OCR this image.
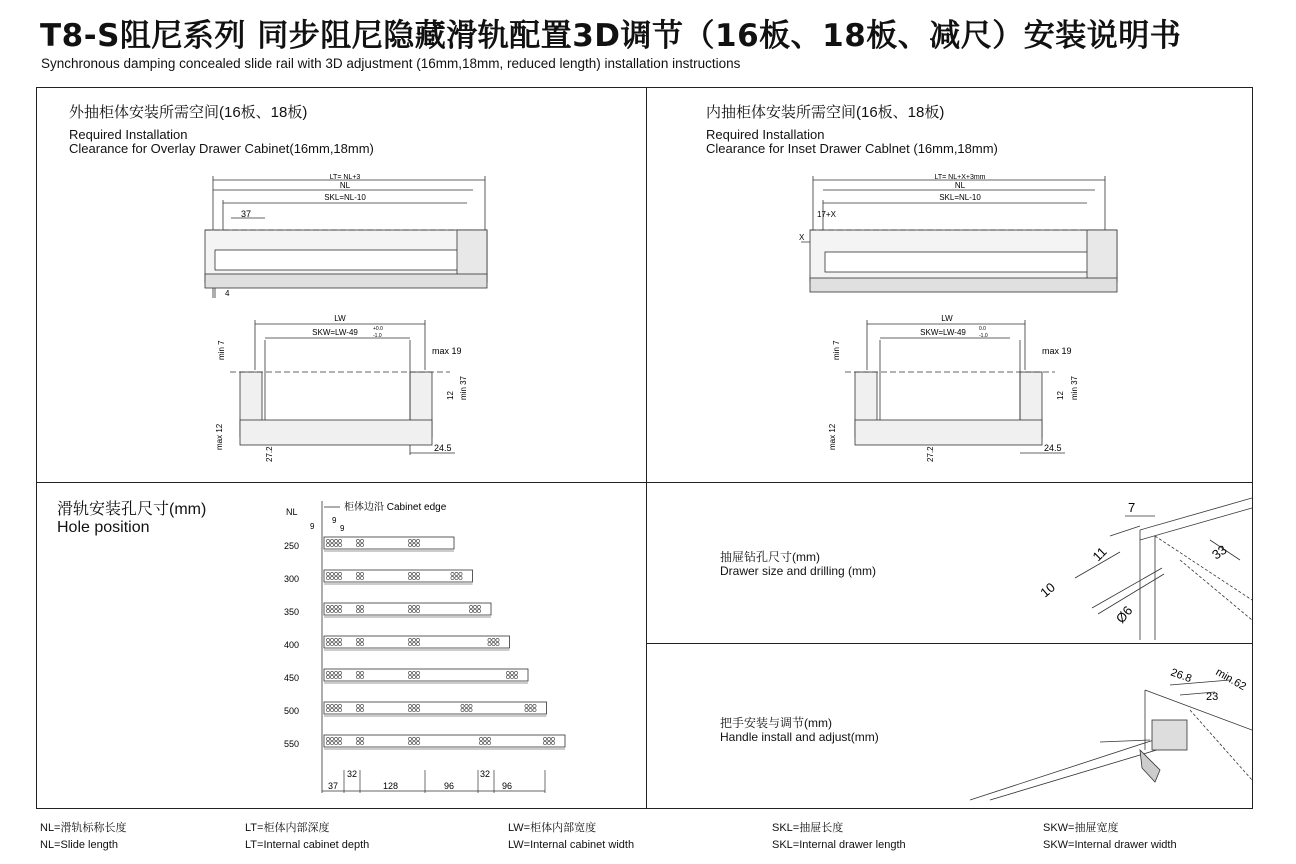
T8-S阻尼系列 同步阻尼隐藏滑轨配置3D调节（16板、18板、减尺）安装说明书
Synchronous damping concealed slide rail with 3D adjustment (16mm,18mm, reduced length) installation instructions
外抽柜体安装所需空间(16板、18板)
Required Installation
Clearance for Overlay Drawer Cabinet(16mm,18mm)
LT= NL+3
NL
SKL=NL-10
37
4
LW
SKW=LW-49	+0.0
-1.0
min 7	max 19
12 min 37
max 12
27.2	24.5
内抽柜体安装所需空间(16板、18板)
Required Installation
Clearance for Inset Drawer Cablnet (16mm,18mm)
LT= NL+X+3mm
NL
SKL=NL-10
17+X
X
LW
SKW=LW-49	0.0
-1.0
min 7	max 19
12 min 37
max 12
27.2	24.5
滑轨安装孔尺寸(mm)
Hole position
NL	柜体边沿 Cabinet edge
9
9
9
250
300
350
400
450
500
550
37
32
128	96
32
96
抽屉钻孔尺寸(mm)
Drawer size and drilling (mm)
7
11	33
10
Ø6
把手安装与调节(mm)
Handle install and adjust(mm)
26.8 min.62
23
NL=滑轨标称长度
NL=Slide length
LT=柜体内部深度
LT=Internal cabinet depth
LW=柜体内部宽度
LW=Internal cabinet width
SKL=抽屉长度
SKL=Internal drawer length
SKW=抽屉宽度
SKW=Internal drawer width
